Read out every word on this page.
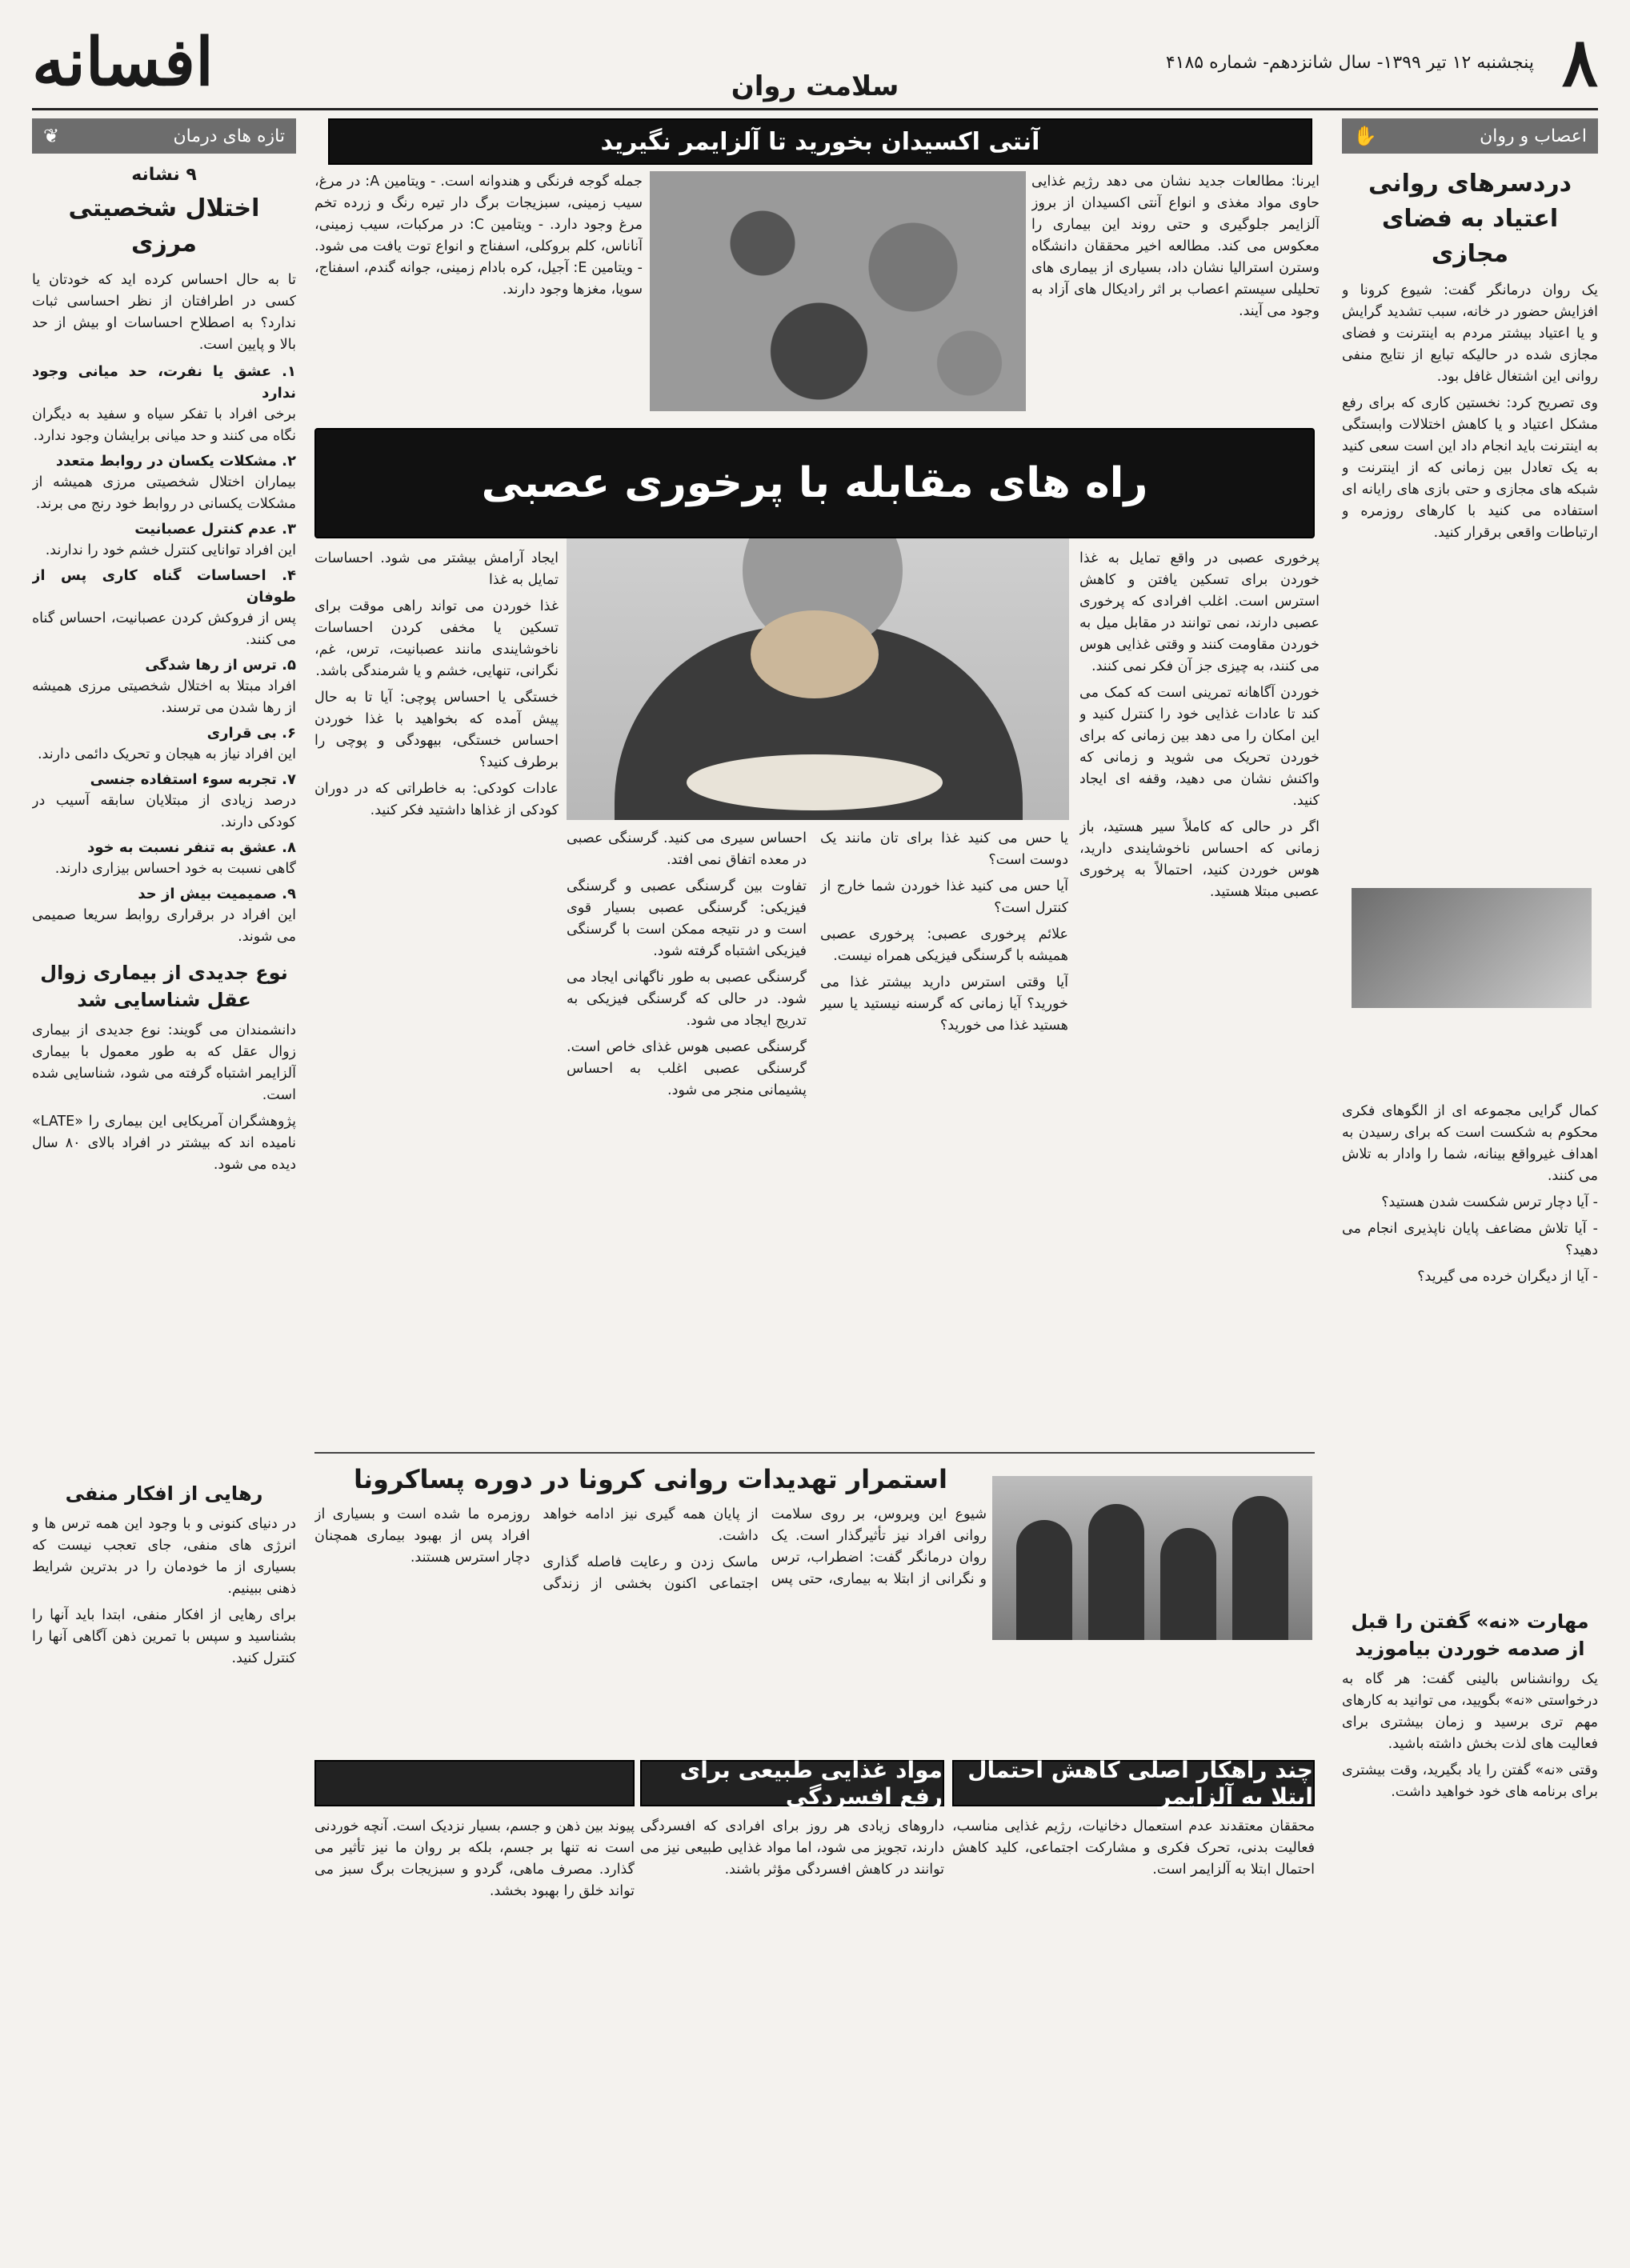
۸
پنجشنبه ۱۲ تیر ۱۳۹۹- سال شانزدهم- شماره ۴۱۸۵
سلامت روان
افسانه
اعصاب و روان
✋
تازه های درمان
❦
دردسرهای روانی اعتیاد به فضای مجازی

یک روان درمانگر گفت: شیوع کرونا و افزایش حضور در خانه، سبب تشدید گرایش و یا اعتیاد بیشتر مردم به اینترنت و فضای مجازی شده در حالیکه تبایع از نتایج منفی روانی این اشتغال غافل بود.

وی تصریح کرد: نخستین کاری که برای رفع مشکل اعتیاد و یا کاهش اختلالات وابستگی به اینترنت باید انجام داد این است سعی کنید به یک تعادل بین زمانی که از اینترنت و شبکه های مجازی و حتی بازی های رایانه ای استفاده می کنید با کارهای روزمره و ارتباطات واقعی برقرار کنید.

کمال گرایی مجموعه ای از الگوهای فکری محکوم به شکست است که برای رسیدن به اهداف غیرواقع بینانه، شما را وادار به تلاش می کنند.

- آیا دچار ترس شکست شدن هستید؟

- آیا تلاش مضاعف پایان ناپذیری انجام می دهید؟

- آیا از دیگران خرده می گیرید؟

مهارت «نه» گفتن را قبل از صدمه خوردن بیاموزید

یک روانشناس بالینی گفت: هر گاه به درخواستی «نه» بگویید، می توانید به کارهای مهم تری برسید و زمان بیشتری برای فعالیت های لذت بخش داشته باشید.

وقتی «نه» گفتن را یاد بگیرید، وقت بیشتری برای برنامه های خود خواهید داشت.

۹ نشانه
اختلال شخصیتی مرزی

تا به حال احساس کرده اید که خودتان یا کسی در اطرافتان از نظر احساسی ثبات ندارد؟ به اصطلاح احساسات او بیش از حد بالا و پایین است.

۱. عشق یا نفرت، حد میانی وجود ندارد
برخی افراد با تفکر سیاه و سفید به دیگران نگاه می کنند و حد میانی برایشان وجود ندارد.
۲. مشکلات یکسان در روابط متعدد
بیماران اختلال شخصیتی مرزی همیشه از مشکلات یکسانی در روابط خود رنج می برند.
۳. عدم کنترل عصبانیت
این افراد توانایی کنترل خشم خود را ندارند.
۴. احساسات گناه کاری پس از طوفان
پس از فروکش کردن عصبانیت، احساس گناه می کنند.
۵. ترس از رها شدگی
افراد مبتلا به اختلال شخصیتی مرزی همیشه از رها شدن می ترسند.
۶. بی قراری
این افراد نیاز به هیجان و تحریک دائمی دارند.
۷. تجربه سوء استفاده جنسی
درصد زیادی از مبتلایان سابقه آسیب در کودکی دارند.
۸. عشق به تنفر نسبت به خود
گاهی نسبت به خود احساس بیزاری دارند.
۹. صمیمیت بیش از حد
این افراد در برقراری روابط سریعا صمیمی می شوند.
نوع جدیدی از بیماری زوال عقل شناسایی شد

دانشمندان می گویند: نوع جدیدی از بیماری زوال عقل که به طور معمول با بیماری آلزایمر اشتباه گرفته می شود، شناسایی شده است.

پژوهشگران آمریکایی این بیماری را «LATE» نامیده اند که بیشتر در افراد بالای ۸۰ سال دیده می شود.

رهایی از افکار منفی

در دنیای کنونی و با وجود این همه ترس ها و انرژی های منفی، جای تعجب نیست که بسیاری از ما خودمان را در بدترین شرایط ذهنی ببینیم.

برای رهایی از افکار منفی، ابتدا باید آنها را بشناسید و سپس با تمرین ذهن آگاهی آنها را کنترل کنید.

آنتی اکسیدان بخورید تا آلزایمر نگیرید
ایرنا: مطالعات جدید نشان می دهد رژیم غذایی حاوی مواد مغذی و انواع آنتی اکسیدان از بروز آلزایمر جلوگیری و حتی روند این بیماری را معکوس می کند. مطالعه اخیر محققان دانشگاه وسترن استرالیا نشان داد، بسیاری از بیماری های تحلیلی سیستم اعصاب بر اثر رادیکال های آزاد به وجود می آیند.
جمله گوجه فرنگی و هندوانه است. - ویتامین A: در مرغ، سیب زمینی، سبزیجات برگ دار تیره رنگ و زرده تخم مرغ وجود دارد. - ویتامین C: در مرکبات، سیب زمینی، آناناس، کلم بروکلی، اسفناج و انواع توت یافت می شود. - ویتامین E: آجیل، کره بادام زمینی، جوانه گندم، اسفناج، سویا، مغزها وجود دارند.
راه های مقابله با پرخوری عصبی

پرخوری عصبی در واقع تمایل به غذا خوردن برای تسکین یافتن و کاهش استرس است. اغلب افرادی که پرخوری عصبی دارند، نمی توانند در مقابل میل به خوردن مقاومت کنند و وقتی غذایی هوس می کنند، به چیزی جز آن فکر نمی کنند.

خوردن آگاهانه تمرینی است که کمک می کند تا عادات غذایی خود را کنترل کنید و این امکان را می دهد بین زمانی که برای خوردن تحریک می شوید و زمانی که واکنش نشان می دهید، وقفه ای ایجاد کنید.

اگر در حالی که کاملاً سیر هستید، باز زمانی که احساس ناخوشایندی دارید، هوس خوردن کنید، احتمالاً به پرخوری عصبی مبتلا هستید.

ایجاد آرامش بیشتر می شود. احساسات تمایل به غذا

غذا خوردن می تواند راهی موقت برای تسکین یا مخفی کردن احساسات ناخوشایندی مانند عصبانیت، ترس، غم، نگرانی، تنهایی، خشم و یا شرمندگی باشد.

خستگی یا احساس پوچی: آیا تا به حال پیش آمده که بخواهید با غذا خوردن احساس خستگی، بیهودگی و پوچی را برطرف کنید؟

عادات کودکی: به خاطراتی که در دوران کودکی از غذاها داشتید فکر کنید.

احساس سیری می کنید. گرسنگی عصبی در معده اتفاق نمی افتد.

تفاوت بین گرسنگی عصبی و گرسنگی فیزیکی: گرسنگی عصبی بسیار قوی است و در نتیجه ممکن است با گرسنگی فیزیکی اشتباه گرفته شود.

گرسنگی عصبی به طور ناگهانی ایجاد می شود. در حالی که گرسنگی فیزیکی به تدریج ایجاد می شود.

گرسنگی عصبی هوس غذای خاص است. گرسنگی عصبی اغلب به احساس پشیمانی منجر می شود.

یا حس می کنید غذا برای تان مانند یک دوست است؟

آیا حس می کنید غذا خوردن شما خارج از کنترل است؟

علائم پرخوری عصبی: پرخوری عصبی همیشه با گرسنگی فیزیکی همراه نیست.

آیا وقتی استرس دارید بیشتر غذا می خورید؟ آیا زمانی که گرسنه نیستید یا سیر هستید غذا می خورید؟

استمرار تهدیدات روانی کرونا در دوره پساکرونا

شیوع این ویروس، بر روی سلامت روانی افراد نیز تأثیرگذار است. یک روان درمانگر گفت: اضطراب، ترس و نگرانی از ابتلا به بیماری، حتی پس از پایان همه گیری نیز ادامه خواهد داشت.

ماسک زدن و رعایت فاصله گذاری اجتماعی اکنون بخشی از زندگی روزمره ما شده است و بسیاری از افراد پس از بهبود بیماری همچنان دچار استرس هستند.

چند راهکار اصلی کاهش احتمال ابتلا به آلزایمر
محققان معتقدند عدم استعمال دخانیات، رژیم غذایی مناسب، فعالیت بدنی، تحرک فکری و مشارکت اجتماعی، کلید کاهش احتمال ابتلا به آلزایمر است.
مواد غذایی طبیعی برای رفع افسردگی
داروهای زیادی هر روز برای افرادی که افسردگی دارند، تجویز می شود، اما مواد غذایی طبیعی نیز می توانند در کاهش افسردگی مؤثر باشند.
پیوند بین ذهن و جسم، بسیار نزدیک است. آنچه خوردنی است نه تنها بر جسم، بلکه بر روان ما نیز تأثیر می گذارد. مصرف ماهی، گردو و سبزیجات برگ سبز می تواند خلق را بهبود بخشد.
